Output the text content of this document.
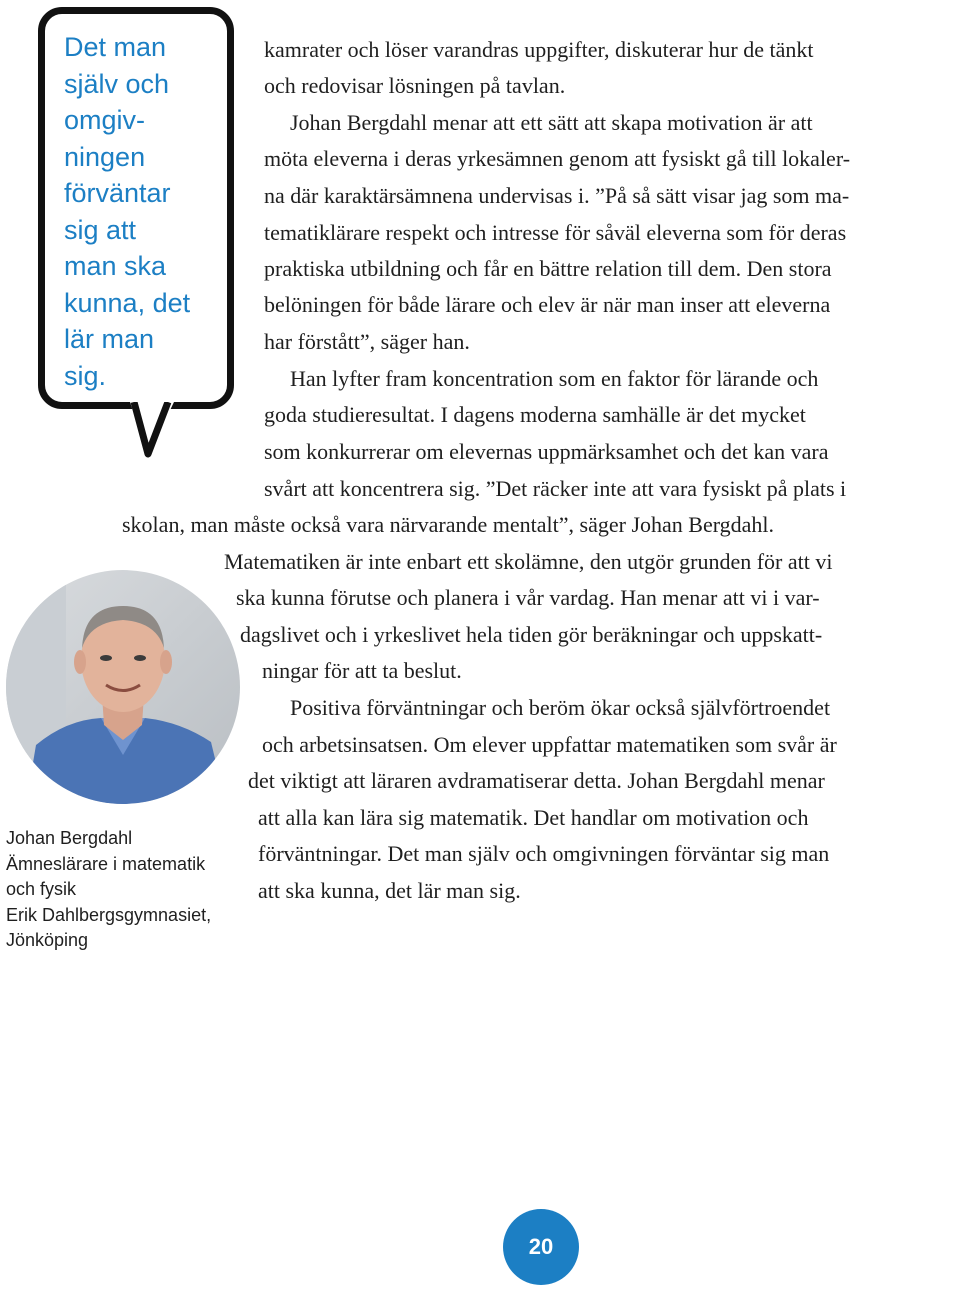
Det man
själv och
omgiv-
ningen
förväntar
sig att
man ska
kunna, det
lär man
sig.

kamrater och löser varandras uppgifter, diskuterar hur de tänkt

och redovisar lösningen på tavlan.

Johan Bergdahl menar att ett sätt att skapa motivation är att

möta eleverna i deras yrkesämnen genom att fysiskt gå till lokaler-

na där karaktärsämnena undervisas i. ”På så sätt visar jag som ma-

tematiklärare respekt och intresse för såväl eleverna som för deras

praktiska utbildning och får en bättre relation till dem. Den stora

belöningen för både lärare och elev är när man inser att eleverna

har förstått”, säger han.

Han lyfter fram koncentration som en faktor för lärande och

goda studieresultat. I dagens moderna samhälle är det mycket

som konkurrerar om elevernas uppmärksamhet och det kan vara

svårt att koncentrera sig. ”Det räcker inte att vara fysiskt på plats i

skolan, man måste också vara närvarande mentalt”, säger Johan Bergdahl.

Matematiken är inte enbart ett skolämne, den utgör grunden för att vi

ska kunna förutse och planera i vår vardag. Han menar att vi i var-

dagslivet och i yrkeslivet hela tiden gör beräkningar och uppskatt-

ningar för att ta beslut.

Positiva förväntningar och beröm ökar också självförtroendet

och arbetsinsatsen. Om elever uppfattar matematiken som svår är

det viktigt att läraren avdramatiserar detta. Johan Bergdahl menar

att alla kan lära sig matematik. Det handlar om motivation och

förväntningar. Det man själv och omgivningen förväntar sig man

att ska kunna, det lär man sig.

Johan Bergdahl
Ämneslärare i matematik
och fysik
Erik Dahlbergsgymnasiet,
Jönköping
20
